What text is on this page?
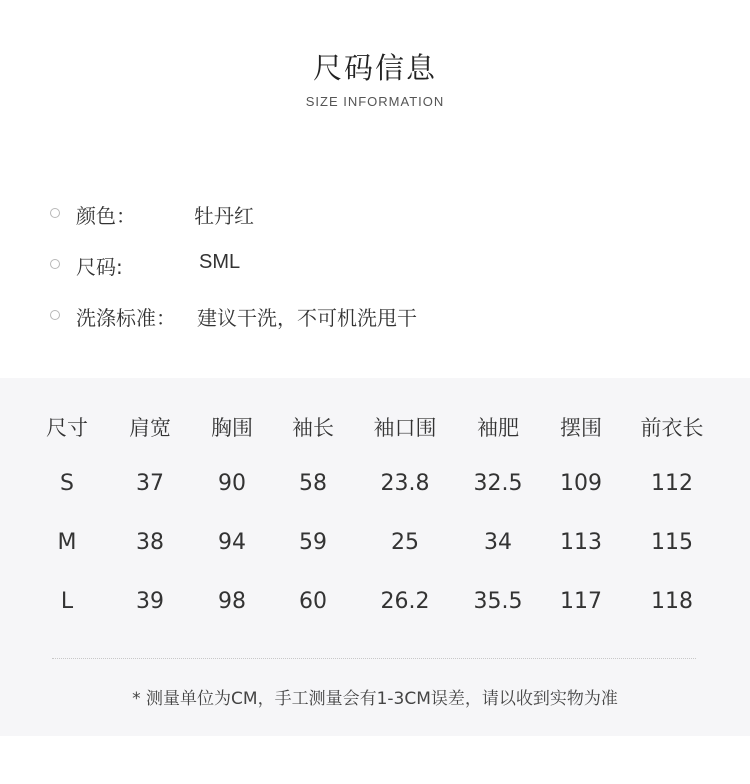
尺码信息
SIZE INFORMATION
颜色：	牡丹红
尺码:	SML
洗涤标准： 建议干洗，不可机洗甩干
尺寸	肩宽	胸围	袖长	袖口围	袖肥	摆围	前衣长
S	37	90	58	23.8	32.5	109	112
M	38	94	59	25	34	113	115
L	39	98	60	26.2	35.5	117	118
* 测量单位为CM，手工测量会有1-3CM误差，请以收到实物为准
